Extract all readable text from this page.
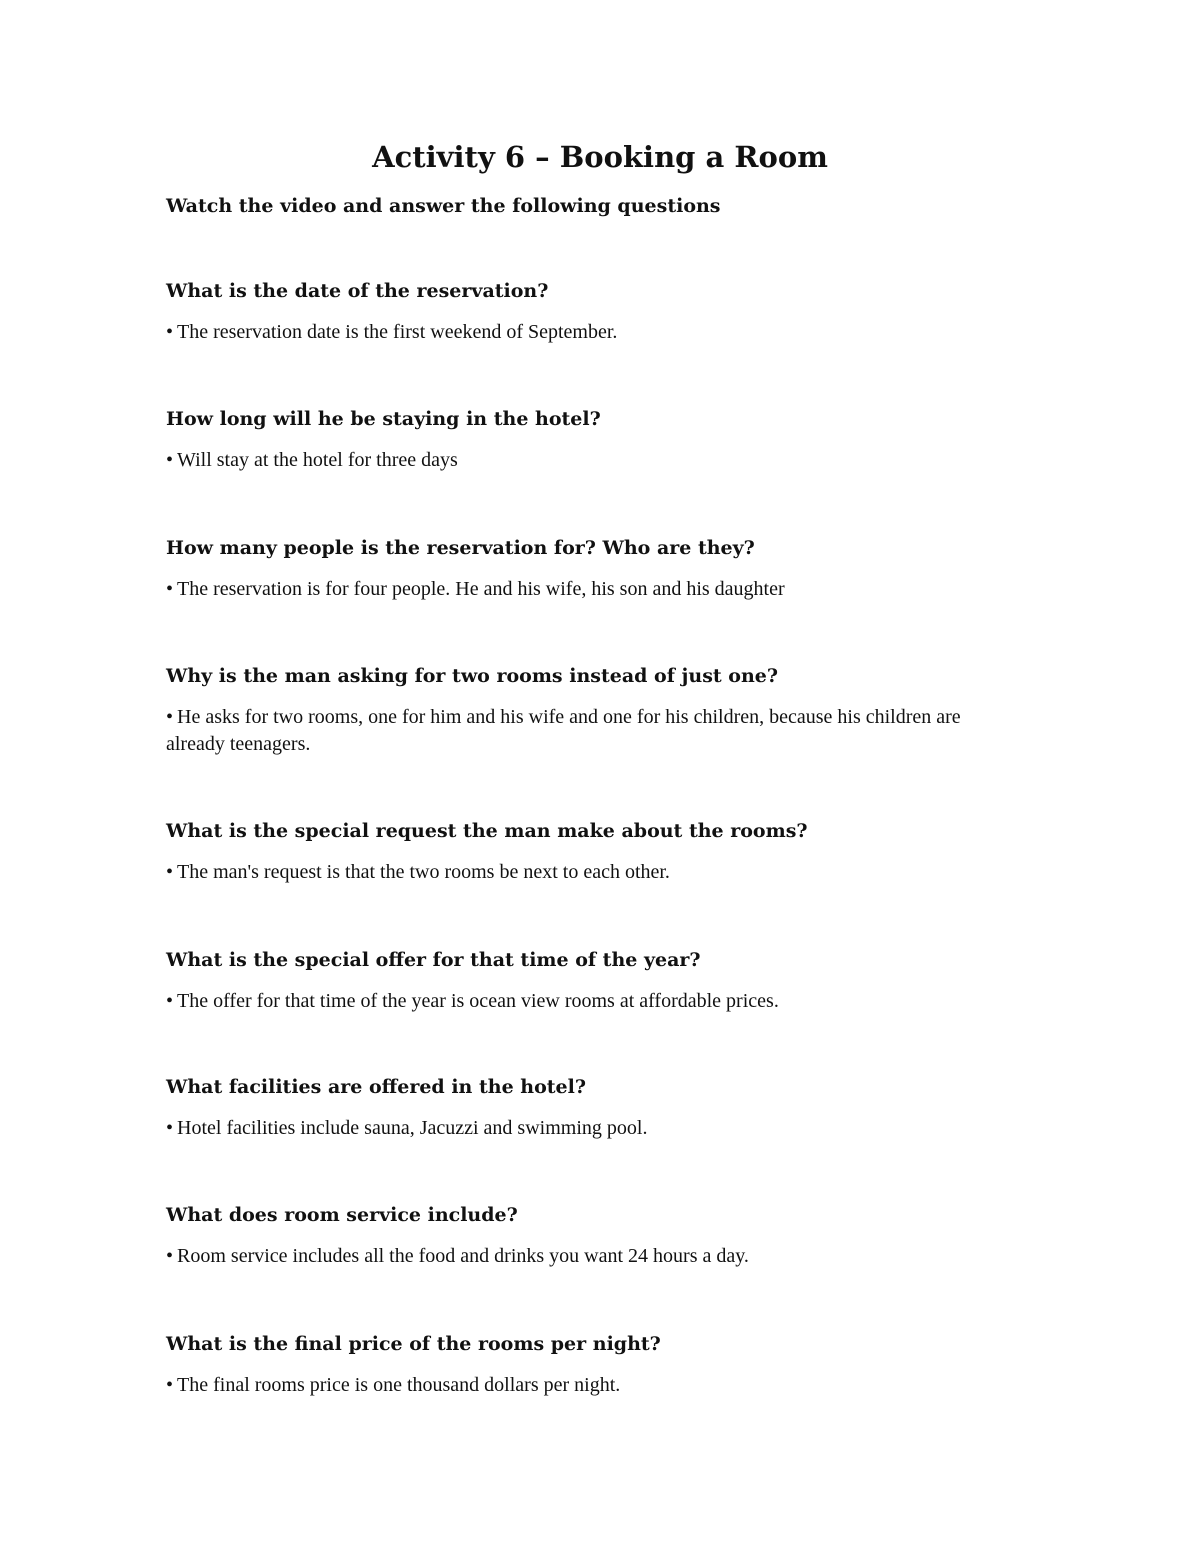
Activity 6 – Booking a Room

Watch the video and answer the following questions

What is the date of the reservation?

• The reservation date is the first weekend of September.

How long will he be staying in the hotel?

• Will stay at the hotel for three days

How many people is the reservation for? Who are they?

• The reservation is for four people. He and his wife, his son and his daughter

Why is the man asking for two rooms instead of just one?

• He asks for two rooms, one for him and his wife and one for his children, because his children are already teenagers.

What is the special request the man make about the rooms?

• The man's request is that the two rooms be next to each other.

What is the special offer for that time of the year?

• The offer for that time of the year is ocean view rooms at affordable prices.

What facilities are offered in the hotel?

• Hotel facilities include sauna, Jacuzzi and swimming pool.

What does room service include?

• Room service includes all the food and drinks you want 24 hours a day.

What is the final price of the rooms per night?

• The final rooms price is one thousand dollars per night.
